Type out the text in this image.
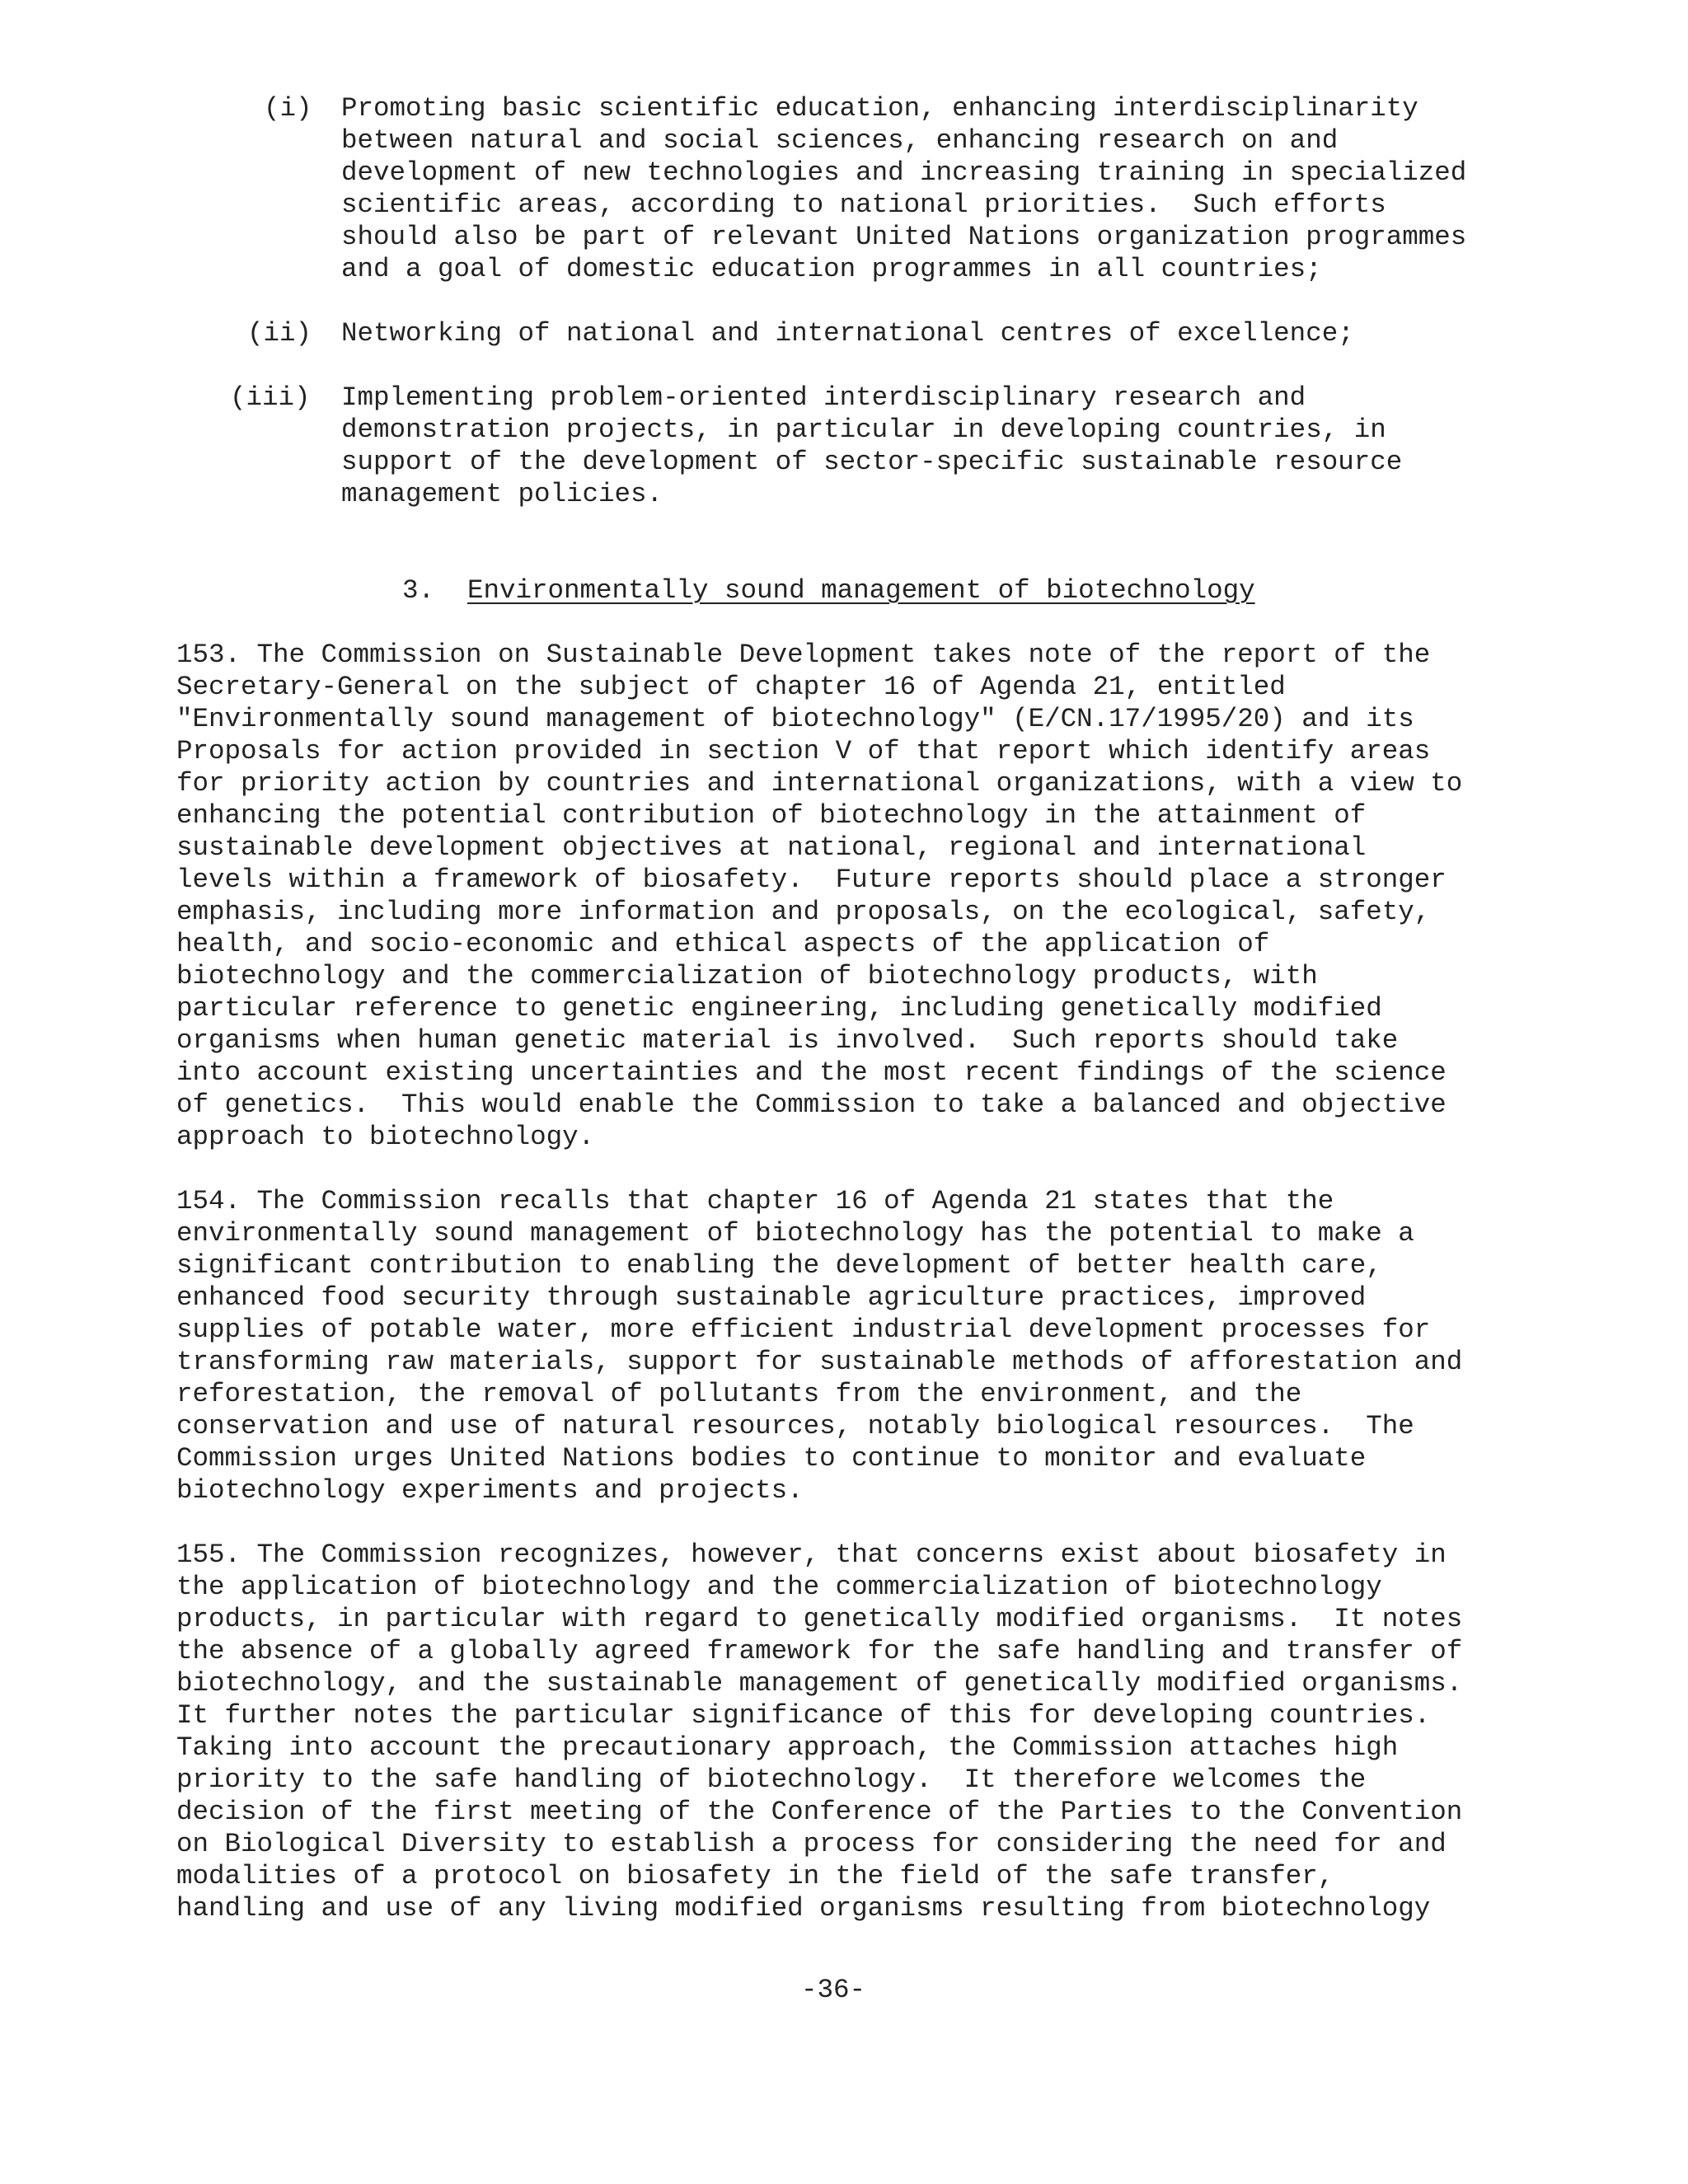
(i) Promoting basic scientific education, enhancing interdisciplinarity

between natural and social sciences, enhancing research on and

development of new technologies and increasing training in specialized

scientific areas, according to national priorities.  Such efforts

should also be part of relevant United Nations organization programmes

and a goal of domestic education programmes in all countries;

(ii) Networking of national and international centres of excellence;

(iii) Implementing problem-oriented interdisciplinary research and

demonstration projects, in particular in developing countries, in

support of the development of sector-specific sustainable resource

management policies.

3. Environmentally sound management of biotechnology

153. The Commission on Sustainable Development takes note of the report of the

Secretary-General on the subject of chapter 16 of Agenda 21, entitled

"Environmentally sound management of biotechnology" (E/CN.17/1995/20) and its

Proposals for action provided in section V of that report which identify areas

for priority action by countries and international organizations, with a view to

enhancing the potential contribution of biotechnology in the attainment of

sustainable development objectives at national, regional and international

levels within a framework of biosafety.  Future reports should place a stronger

emphasis, including more information and proposals, on the ecological, safety,

health, and socio-economic and ethical aspects of the application of

biotechnology and the commercialization of biotechnology products, with

particular reference to genetic engineering, including genetically modified

organisms when human genetic material is involved.  Such reports should take

into account existing uncertainties and the most recent findings of the science

of genetics.  This would enable the Commission to take a balanced and objective

approach to biotechnology.

154. The Commission recalls that chapter 16 of Agenda 21 states that the

environmentally sound management of biotechnology has the potential to make a

significant contribution to enabling the development of better health care,

enhanced food security through sustainable agriculture practices, improved

supplies of potable water, more efficient industrial development processes for

transforming raw materials, support for sustainable methods of afforestation and

reforestation, the removal of pollutants from the environment, and the

conservation and use of natural resources, notably biological resources.  The

Commission urges United Nations bodies to continue to monitor and evaluate

biotechnology experiments and projects.

155. The Commission recognizes, however, that concerns exist about biosafety in

the application of biotechnology and the commercialization of biotechnology

products, in particular with regard to genetically modified organisms.  It notes

the absence of a globally agreed framework for the safe handling and transfer of

biotechnology, and the sustainable management of genetically modified organisms.

It further notes the particular significance of this for developing countries.

Taking into account the precautionary approach, the Commission attaches high

priority to the safe handling of biotechnology.  It therefore welcomes the

decision of the first meeting of the Conference of the Parties to the Convention

on Biological Diversity to establish a process for considering the need for and

modalities of a protocol on biosafety in the field of the safe transfer,

handling and use of any living modified organisms resulting from biotechnology

-36-
